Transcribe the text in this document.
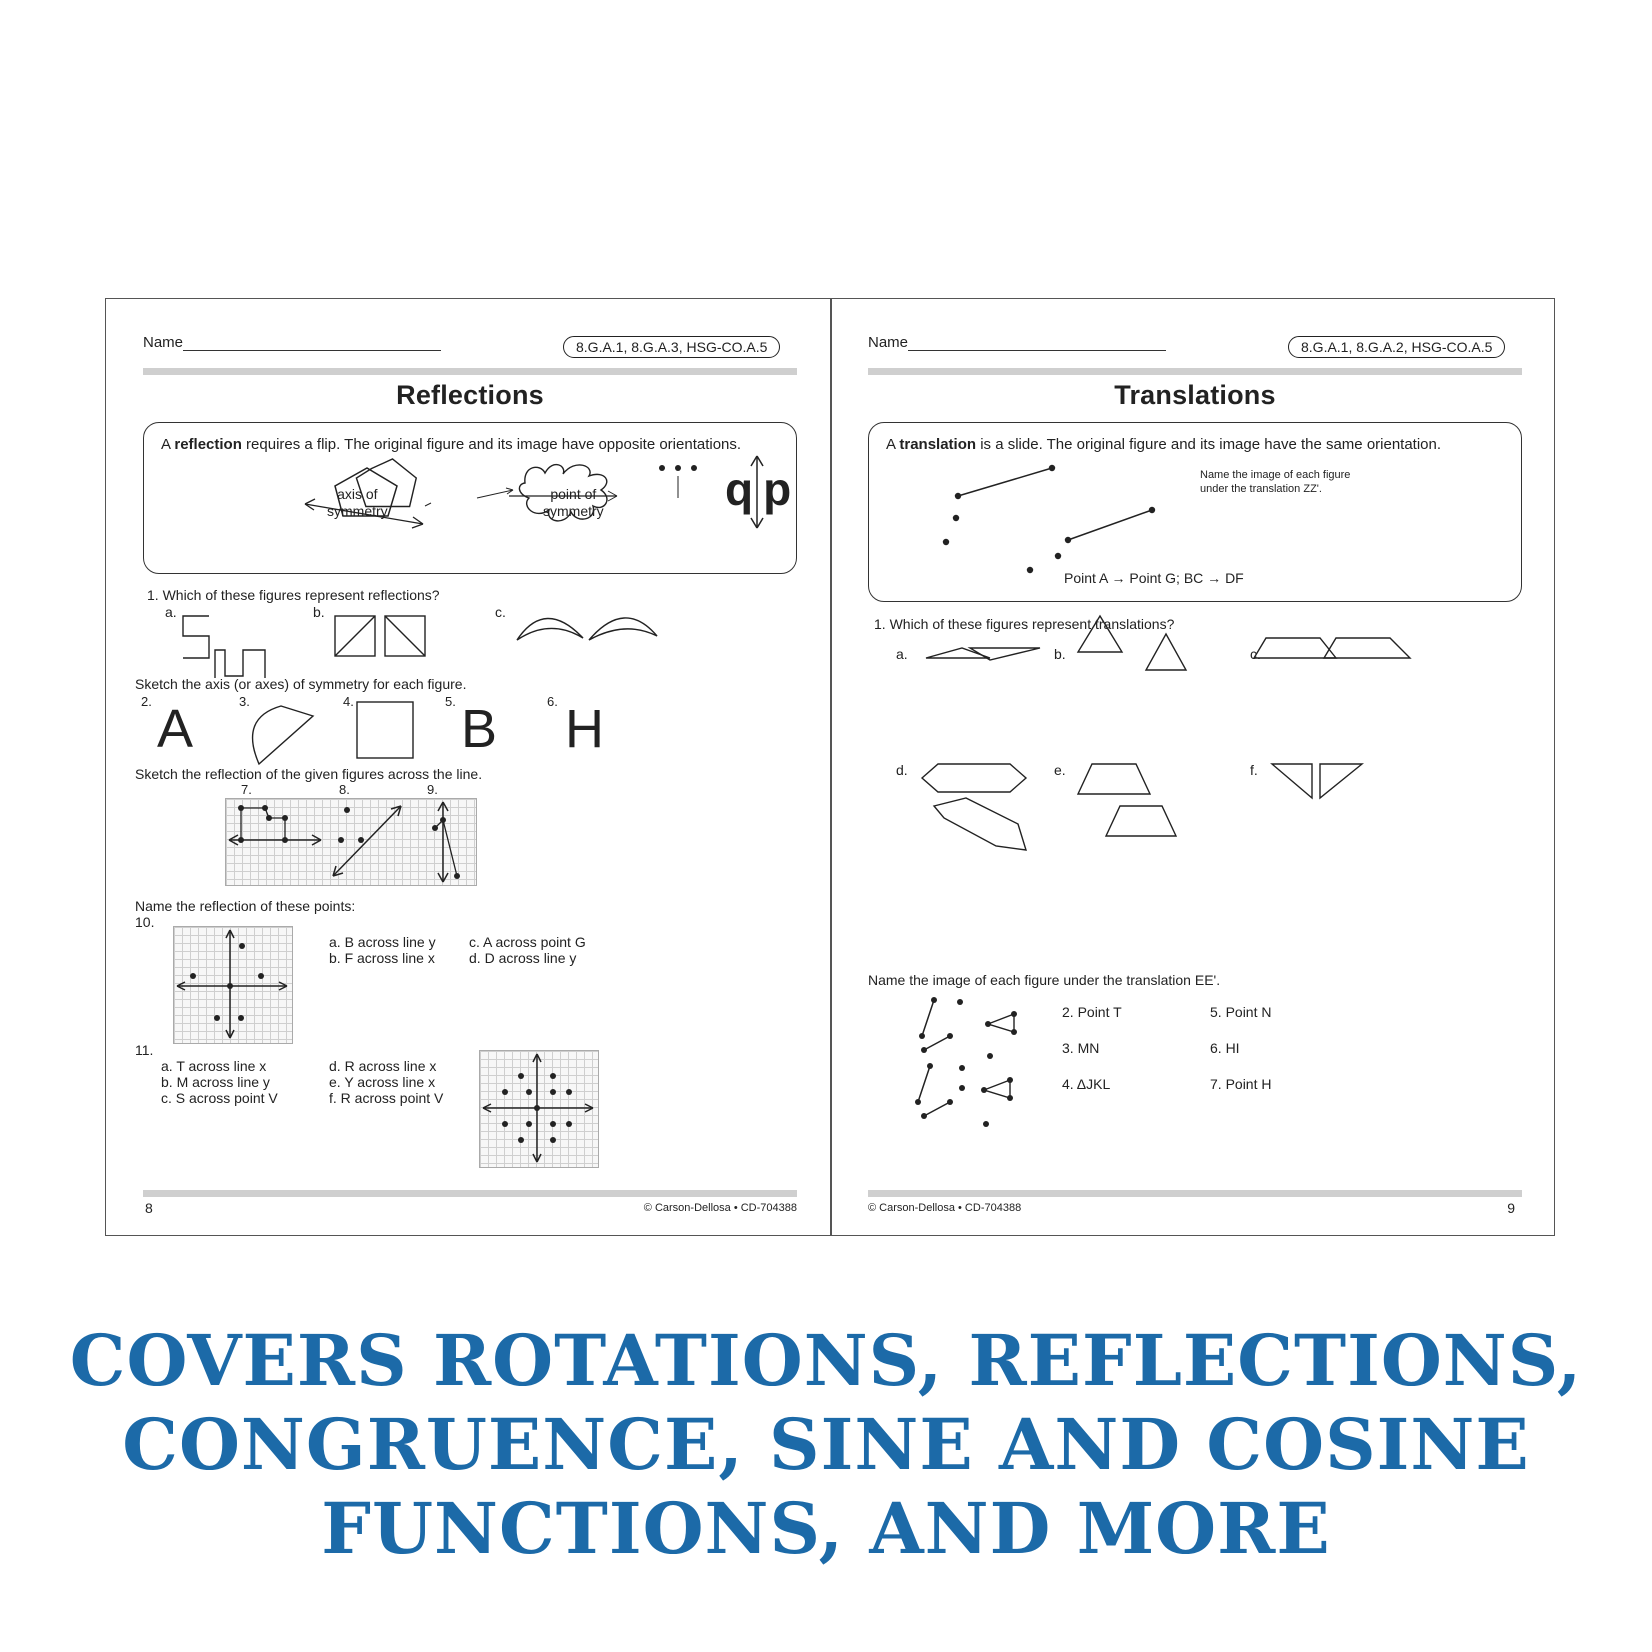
Name	8.G.A.1, 8.G.A.3, HSG-CO.A.5
Reflections
A reflection requires a flip. The original figure and its image have opposite orientations.
qp
axis of
symmetry
point of
symmetry
1. Which of these figures represent reflections?
a.	b.	c.
Sketch the axis (or axes) of symmetry for each figure.
2. A	3.	4.	5. B	6. H
Sketch the reflection of the given figures across the line.
7.	8.	9.
Name the reflection of these points:
10.
a. B across line y
b. F across line x
c. A across point G
d. D across line y
11.
a. T across line x
b. M across line y
c. S across point V
d. R across line x
e. Y across line x
f. R across point V
8	© Carson-Dellosa • CD-704388
Name	8.G.A.1, 8.G.A.2, HSG-CO.A.5
Translations
A translation is a slide. The original figure and its image have the same orientation.
Name the image of each figure
under the translation ZZ'.
Point A → Point G; BC → DF
1. Which of these figures represent translations?
a.	b.	c.
d.	e.	f.
Name the image of each figure under the translation EE'.
2. Point T
3. MN
4. ΔJKL
5. Point N
6. HI
7. Point H
© Carson-Dellosa • CD-704388	9
COVERS ROTATIONS, REFLECTIONS,
CONGRUENCE, SINE AND COSINE
FUNCTIONS, AND MORE
